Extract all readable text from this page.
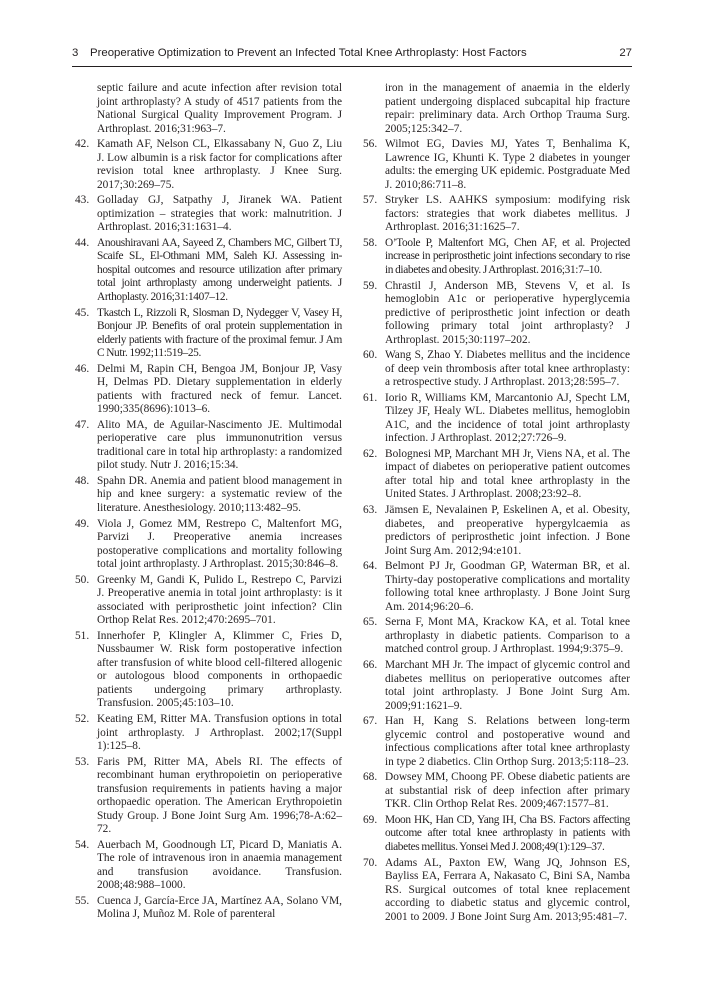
3 Preoperative Optimization to Prevent an Infected Total Knee Arthroplasty: Host Factors	27
septic failure and acute infection after revision total joint arthroplasty? A study of 4517 patients from the National Surgical Quality Improvement Program. J Arthroplast. 2016;31:963–7.
42. Kamath AF, Nelson CL, Elkassabany N, Guo Z, Liu J. Low albumin is a risk factor for complications after revision total knee arthroplasty. J Knee Surg. 2017;30:269–75.
43. Golladay GJ, Satpathy J, Jiranek WA. Patient optimization – strategies that work: malnutrition. J Arthroplast. 2016;31:1631–4.
44. Anoushiravani AA, Sayeed Z, Chambers MC, Gilbert TJ, Scaife SL, El-Othmani MM, Saleh KJ. Assessing in-hospital outcomes and resource utilization after primary total joint arthroplasty among underweight patients. J Arthoplasty. 2016;31:1407–12.
45. Tkastch L, Rizzoli R, Slosman D, Nydegger V, Vasey H, Bonjour JP. Benefits of oral protein supplementation in elderly patients with fracture of the proximal femur. J Am C Nutr. 1992;11:519–25.
46. Delmi M, Rapin CH, Bengoa JM, Bonjour JP, Vasy H, Delmas PD. Dietary supplementation in elderly patients with fractured neck of femur. Lancet. 1990;335(8696):1013–6.
47. Alito MA, de Aguilar-Nascimento JE. Multimodal perioperative care plus immunonutrition versus traditional care in total hip arthroplasty: a randomized pilot study. Nutr J. 2016;15:34.
48. Spahn DR. Anemia and patient blood management in hip and knee surgery: a systematic review of the literature. Anesthesiology. 2010;113:482–95.
49. Viola J, Gomez MM, Restrepo C, Maltenfort MG, Parvizi J. Preoperative anemia increases postoperative complications and mortality following total joint arthroplasty. J Arthroplast. 2015;30:846–8.
50. Greenky M, Gandi K, Pulido L, Restrepo C, Parvizi J. Preoperative anemia in total joint arthroplasty: is it associated with periprosthetic joint infection? Clin Orthop Relat Res. 2012;470:2695–701.
51. Innerhofer P, Klingler A, Klimmer C, Fries D, Nussbaumer W. Risk form postoperative infection after transfusion of white blood cell-filtered allogenic or autologous blood components in orthopaedic patients undergoing primary arthroplasty. Transfusion. 2005;45:103–10.
52. Keating EM, Ritter MA. Transfusion options in total joint arthroplasty. J Arthroplast. 2002;17(Suppl 1):125–8.
53. Faris PM, Ritter MA, Abels RI. The effects of recombinant human erythropoietin on perioperative transfusion requirements in patients having a major orthopaedic operation. The American Erythropoietin Study Group. J Bone Joint Surg Am. 1996;78-A:62–72.
54. Auerbach M, Goodnough LT, Picard D, Maniatis A. The role of intravenous iron in anaemia management and transfusion avoidance. Transfusion. 2008;48:988–1000.
55. Cuenca J, García-Erce JA, Martínez AA, Solano VM, Molina J, Muñoz M. Role of parenteral
iron in the management of anaemia in the elderly patient undergoing displaced subcapital hip fracture repair: preliminary data. Arch Orthop Trauma Surg. 2005;125:342–7.
56. Wilmot EG, Davies MJ, Yates T, Benhalima K, Lawrence IG, Khunti K. Type 2 diabetes in younger adults: the emerging UK epidemic. Postgraduate Med J. 2010;86:711–8.
57. Stryker LS. AAHKS symposium: modifying risk factors: strategies that work diabetes mellitus. J Arthroplast. 2016;31:1625–7.
58. O’Toole P, Maltenfort MG, Chen AF, et al. Projected increase in periprosthetic joint infections secondary to rise in diabetes and obesity. J Arthroplast. 2016;31:7–10.
59. Chrastil J, Anderson MB, Stevens V, et al. Is hemoglobin A1c or perioperative hyperglycemia predictive of periprosthetic joint infection or death following primary total joint arthroplasty? J Arthroplast. 2015;30:1197–202.
60. Wang S, Zhao Y. Diabetes mellitus and the incidence of deep vein thrombosis after total knee arthroplasty: a retrospective study. J Arthroplast. 2013;28:595–7.
61. Iorio R, Williams KM, Marcantonio AJ, Specht LM, Tilzey JF, Healy WL. Diabetes mellitus, hemoglobin A1C, and the incidence of total joint arthroplasty infection. J Arthroplast. 2012;27:726–9.
62. Bolognesi MP, Marchant MH Jr, Viens NA, et al. The impact of diabetes on perioperative patient outcomes after total hip and total knee arthroplasty in the United States. J Arthroplast. 2008;23:92–8.
63. Jämsen E, Nevalainen P, Eskelinen A, et al. Obesity, diabetes, and preoperative hypergylcaemia as predictors of periprosthetic joint infection. J Bone Joint Surg Am. 2012;94:e101.
64. Belmont PJ Jr, Goodman GP, Waterman BR, et al. Thirty-day postoperative complications and mortality following total knee arthroplasty. J Bone Joint Surg Am. 2014;96:20–6.
65. Serna F, Mont MA, Krackow KA, et al. Total knee arthroplasty in diabetic patients. Comparison to a matched control group. J Arthroplast. 1994;9:375–9.
66. Marchant MH Jr. The impact of glycemic control and diabetes mellitus on perioperative outcomes after total joint arthroplasty. J Bone Joint Surg Am. 2009;91:1621–9.
67. Han H, Kang S. Relations between long-term glycemic control and postoperative wound and infectious complications after total knee arthroplasty in type 2 diabetics. Clin Orthop Surg. 2013;5:118–23.
68. Dowsey MM, Choong PF. Obese diabetic patients are at substantial risk of deep infection after primary TKR. Clin Orthop Relat Res. 2009;467:1577–81.
69. Moon HK, Han CD, Yang IH, Cha BS. Factors affecting outcome after total knee arthroplasty in patients with diabetes mellitus. Yonsei Med J. 2008;49(1):129–37.
70. Adams AL, Paxton EW, Wang JQ, Johnson ES, Bayliss EA, Ferrara A, Nakasato C, Bini SA, Namba RS. Surgical outcomes of total knee replacement according to diabetic status and glycemic control, 2001 to 2009. J Bone Joint Surg Am. 2013;95:481–7.
